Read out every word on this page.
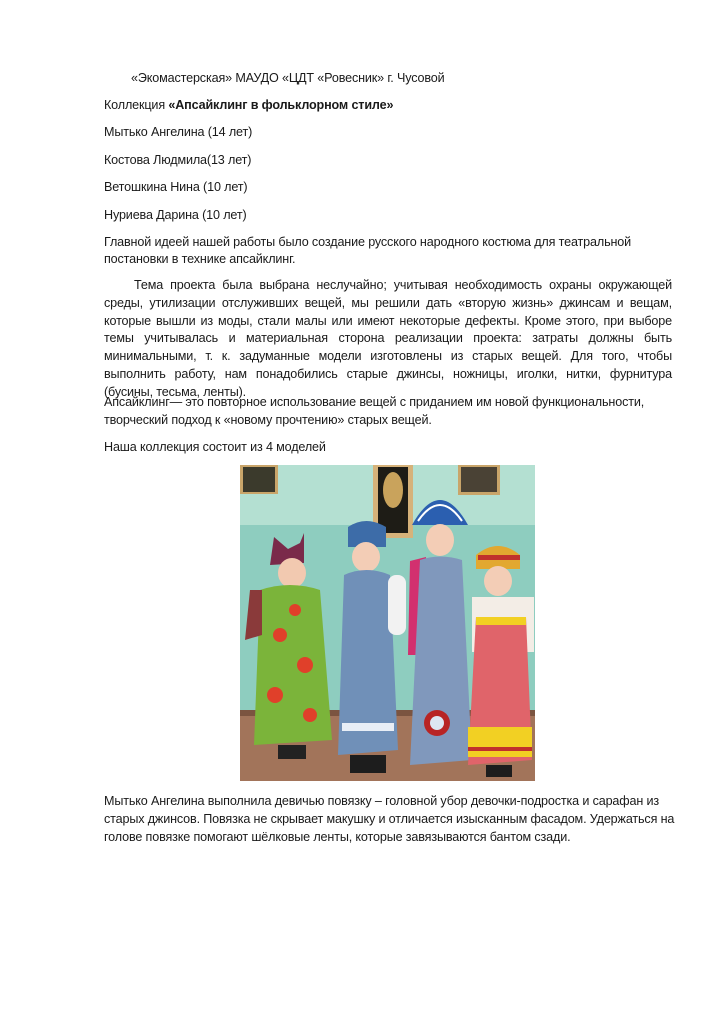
«Экомастерская» МАУДО «ЦДТ «Ровесник» г. Чусовой
Коллекция «Апсайклинг в фольклорном стиле»
Мытько Ангелина (14 лет)
Костова Людмила(13 лет)
Ветошкина Нина (10 лет)
Нуриева Дарина (10 лет)
Главной идеей нашей работы было создание русского народного костюма для театральной
постановки в технике апсайклинг.

Тема проекта была выбрана неслучайно; учитывая необходимость охраны окружающей среды, утилизации отслуживших вещей, мы решили дать «вторую жизнь» джинсам и вещам, которые вышли из моды, стали малы или имеют некоторые дефекты. Кроме этого, при выборе темы учитывалась и материальная сторона реализации проекта: затраты должны быть минимальными, т. к. задуманные модели изготовлены из старых вещей. Для того, чтобы выполнить работу, нам понадобились старые джинсы, ножницы, иголки, нитки, фурнитура (бусины, тесьма, ленты).

Апсайклинг— это повторное использование вещей с приданием им новой функциональности,
творческий подход к «новому прочтению» старых вещей.
Наша коллекция состоит из 4 моделей
Мытько Ангелина выполнила девичью повязку – головной убор девочки-подростка и сарафан из
старых джинсов. Повязка не скрывает макушку и отличается изысканным фасадом. Удержаться на
голове повязке помогают шёлковые ленты, которые завязываются бантом сзади.
